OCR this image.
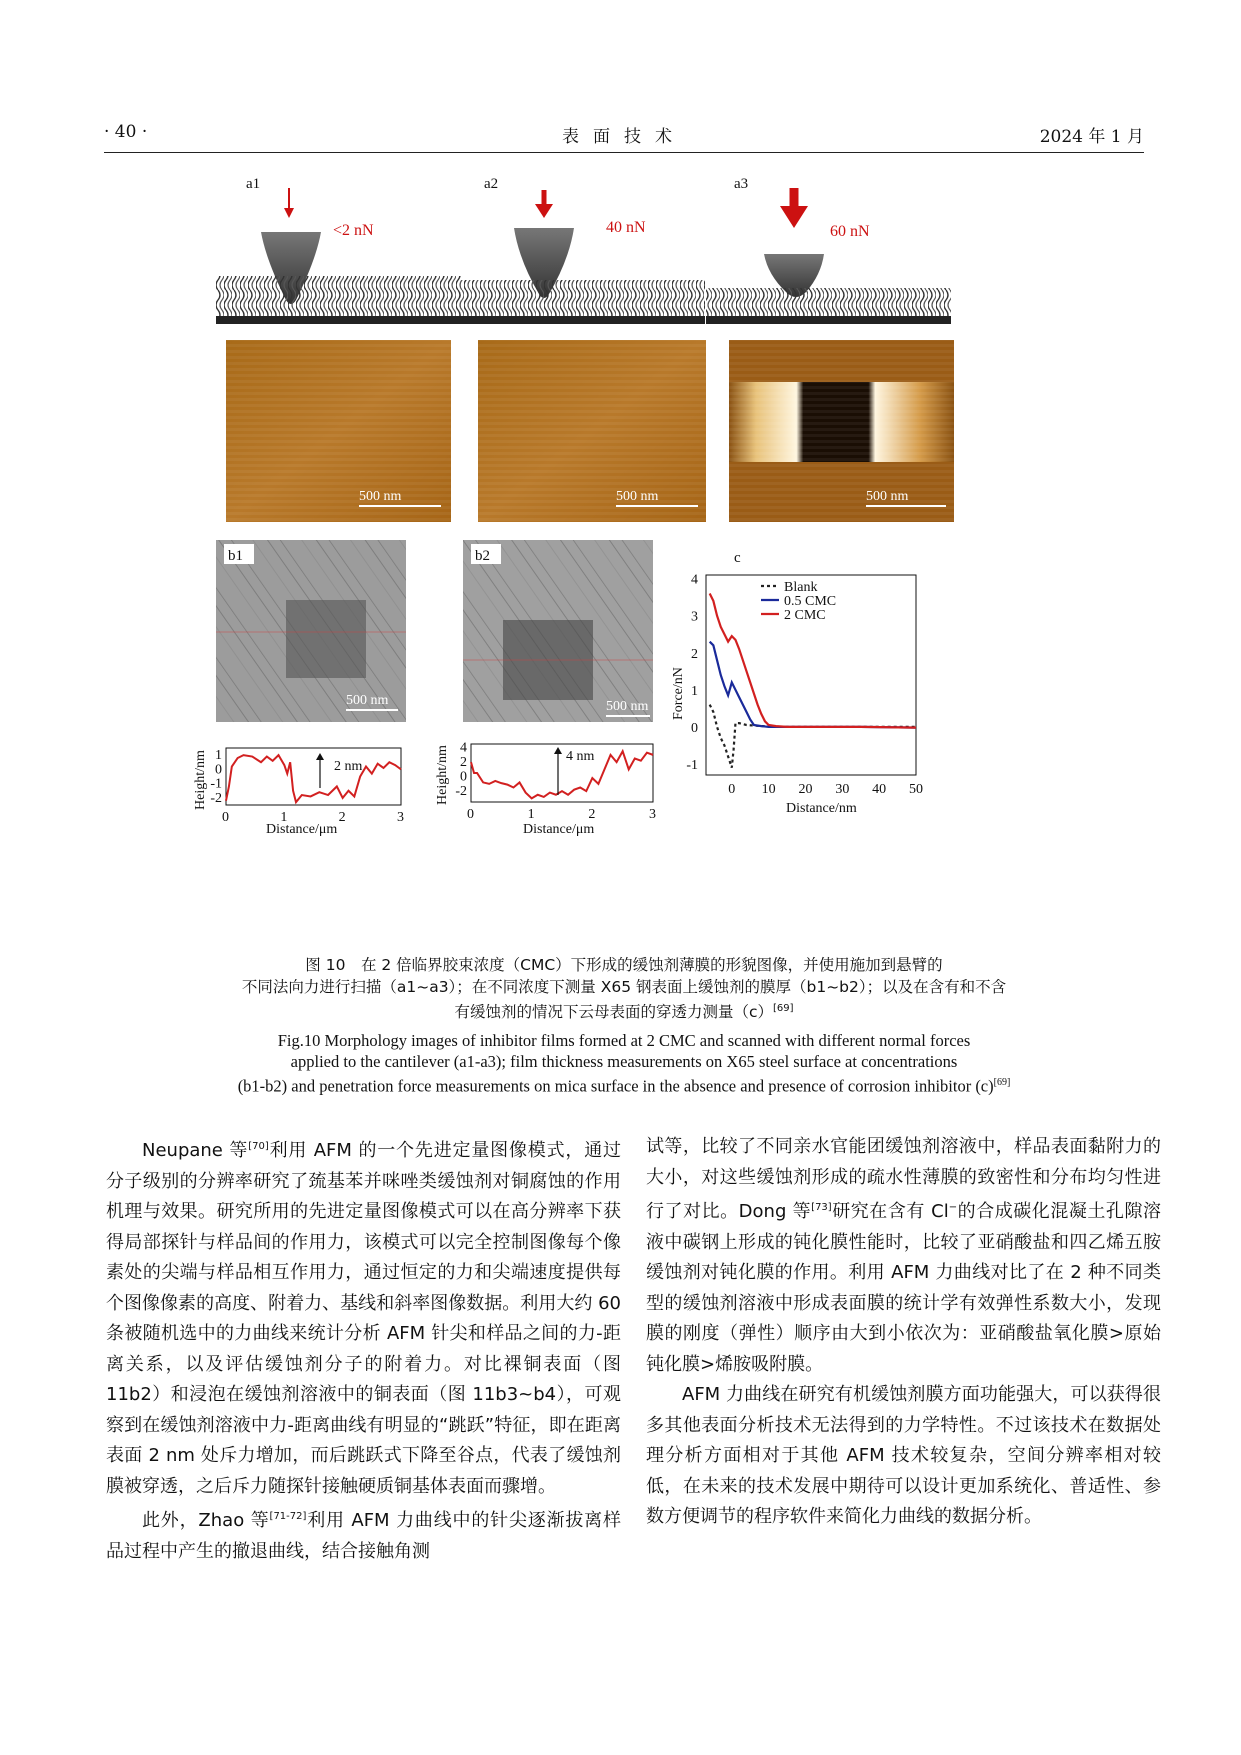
· 40 ·	表面技术	2024 年 1 月
a1
<2 nN
a2
40 nN
a3
60 nN
500 nm	500 nm	500 nm
b1
500 nm
b2
500 nm
0	1	2	3
1
0
-1
-2
Height/nm
Distance/μm
2 nm
0	1	2	3
4
2
0
-2
Height/nm
Distance/μm
4 nm
c
0 10 20 30 40 50
4
3
2
1
0
-1
Force/nN
Distance/nm
Blank
0.5 CMC
2 CMC
图 10　在 2 倍临界胶束浓度（CMC）下形成的缓蚀剂薄膜的形貌图像，并使用施加到悬臂的
不同法向力进行扫描（a1~a3）；在不同浓度下测量 X65 钢表面上缓蚀剂的膜厚（b1~b2）；以及在含有和不含
有缓蚀剂的情况下云母表面的穿透力测量（c）[69]
Fig.10 Morphology images of inhibitor films formed at 2 CMC and scanned with different normal forces
applied to the cantilever (a1-a3); film thickness measurements on X65 steel surface at concentrations
(b1-b2) and penetration force measurements on mica surface in the absence and presence of corrosion inhibitor (c)[69]

Neupane 等[70]利用 AFM 的一个先进定量图像模式，通过分子级别的分辨率研究了巯基苯并咪唑类缓蚀剂对铜腐蚀的作用机理与效果。研究所用的先进定量图像模式可以在高分辨率下获得局部探针与样品间的作用力，该模式可以完全控制图像每个像素处的尖端与样品相互作用力，通过恒定的力和尖端速度提供每个图像像素的高度、附着力、基线和斜率图像数据。利用大约 60 条被随机选中的力曲线来统计分析 AFM 针尖和样品之间的力-距离关系，以及评估缓蚀剂分子的附着力。对比裸铜表面（图 11b2）和浸泡在缓蚀剂溶液中的铜表面（图 11b3~b4），可观察到在缓蚀剂溶液中力-距离曲线有明显的“跳跃”特征，即在距离表面 2 nm 处斥力增加，而后跳跃式下降至谷点，代表了缓蚀剂膜被穿透，之后斥力随探针接触硬质铜基体表面而骤增。

此外，Zhao 等[71-72]利用 AFM 力曲线中的针尖逐渐拔离样品过程中产生的撤退曲线，结合接触角测

试等，比较了不同亲水官能团缓蚀剂溶液中，样品表面黏附力的大小，对这些缓蚀剂形成的疏水性薄膜的致密性和分布均匀性进行了对比。Dong 等[73]研究在含有 Cl−的合成碳化混凝土孔隙溶液中碳钢上形成的钝化膜性能时，比较了亚硝酸盐和四乙烯五胺缓蚀剂对钝化膜的作用。利用 AFM 力曲线对比了在 2 种不同类型的缓蚀剂溶液中形成表面膜的统计学有效弹性系数大小，发现膜的刚度（弹性）顺序由大到小依次为：亚硝酸盐氧化膜>原始钝化膜>烯胺吸附膜。

AFM 力曲线在研究有机缓蚀剂膜方面功能强大，可以获得很多其他表面分析技术无法得到的力学特性。不过该技术在数据处理分析方面相对于其他 AFM 技术较复杂，空间分辨率相对较低，在未来的技术发展中期待可以设计更加系统化、普适性、参数方便调节的程序软件来简化力曲线的数据分析。
